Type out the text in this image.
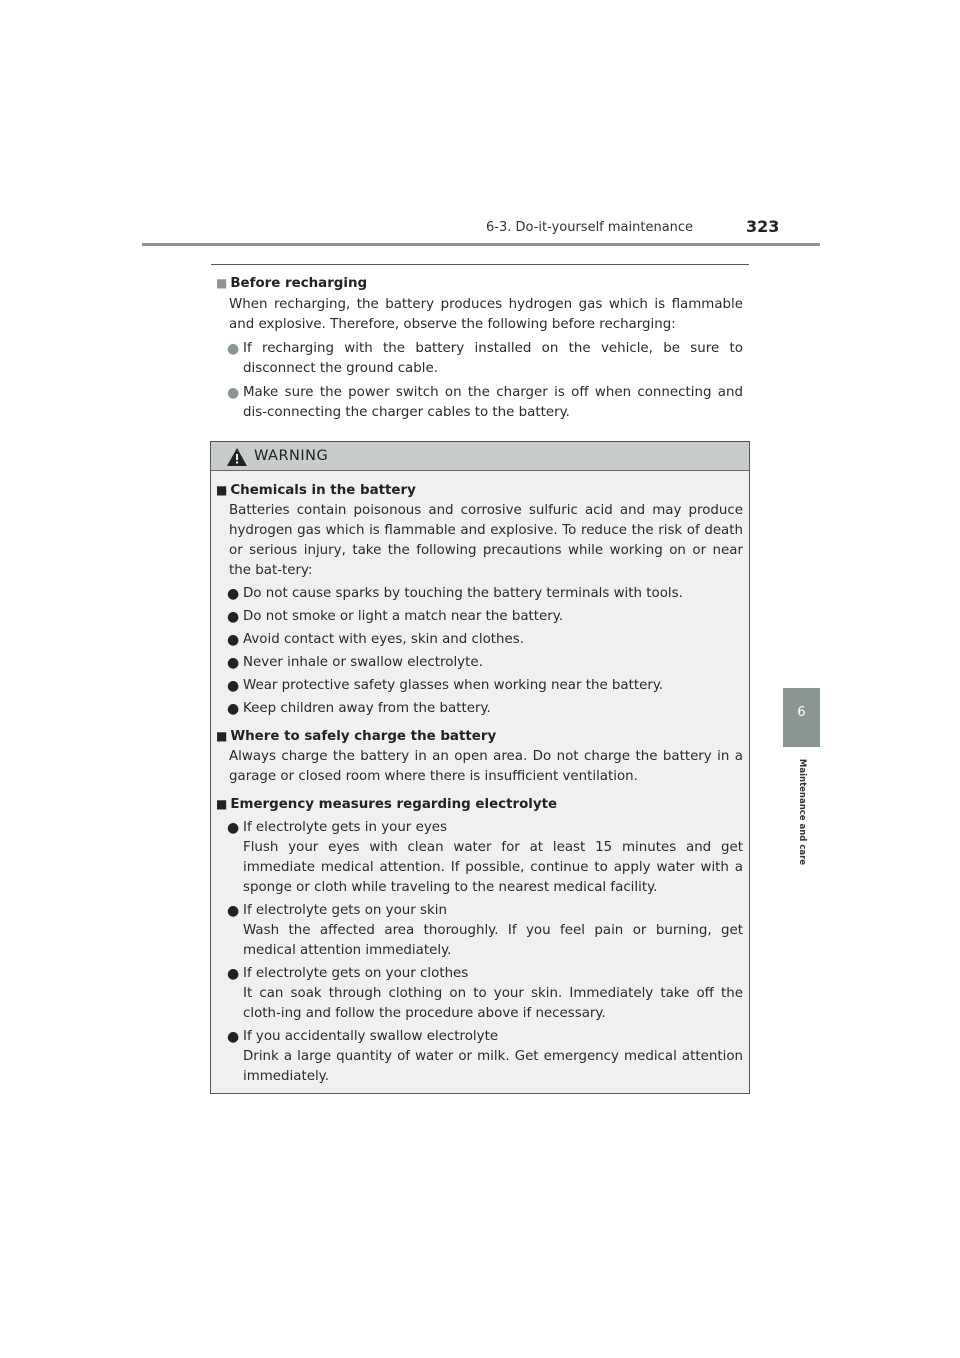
6-3. Do-it-yourself maintenance	323
6
Maintenance and care
■ Before recharging
When recharging, the battery produces hydrogen gas which is flammable and explosive. Therefore, observe the following before recharging:
● If recharging with the battery installed on the vehicle, be sure to disconnect the ground cable.
● Make sure the power switch on the charger is off when connecting and dis-connecting the charger cables to the battery.
WARNING
■ Chemicals in the battery
Batteries contain poisonous and corrosive sulfuric acid and may produce hydrogen gas which is flammable and explosive. To reduce the risk of death or serious injury, take the following precautions while working on or near the bat-tery:
● Do not cause sparks by touching the battery terminals with tools.
● Do not smoke or light a match near the battery.
● Avoid contact with eyes, skin and clothes.
● Never inhale or swallow electrolyte.
● Wear protective safety glasses when working near the battery.
● Keep children away from the battery.
■ Where to safely charge the battery
Always charge the battery in an open area. Do not charge the battery in a garage or closed room where there is insufficient ventilation.
■ Emergency measures regarding electrolyte
● If electrolyte gets in your eyes
Flush your eyes with clean water for at least 15 minutes and get immediate medical attention. If possible, continue to apply water with a sponge or cloth while traveling to the nearest medical facility.
● If electrolyte gets on your skin
Wash the affected area thoroughly. If you feel pain or burning, get medical attention immediately.
● If electrolyte gets on your clothes
It can soak through clothing on to your skin. Immediately take off the cloth-ing and follow the procedure above if necessary.
● If you accidentally swallow electrolyte
Drink a large quantity of water or milk. Get emergency medical attention immediately.
